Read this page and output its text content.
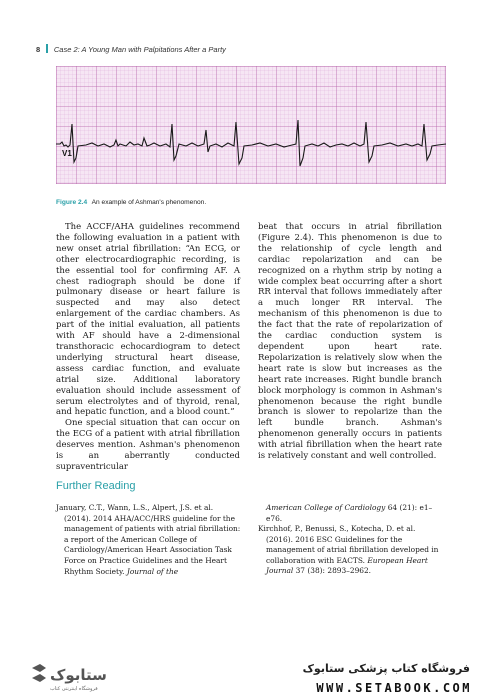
8 Case 2: A Young Man with Palpitations After a Party
V1
Figure 2.4 An example of Ashman's phenomenon.

The ACCF/AHA guidelines recommend the following evaluation in a patient with new onset atrial fibrillation: “An ECG, or other electrocardiographic recording, is the essential tool for confirming AF. A chest radiograph should be done if pulmonary disease or heart failure is suspected and may also detect enlargement of the cardiac chambers. As part of the initial evaluation, all patients with AF should have a 2-dimensional transthoracic echocardiogram to detect underlying structural heart disease, assess cardiac function, and evaluate atrial size. Additional laboratory evaluation should include assessment of serum electrolytes and of thyroid, renal, and hepatic function, and a blood count.”

One special situation that can occur on the ECG of a patient with atrial fibrillation deserves mention. Ashman's phenomenon is an aberrantly conducted supraventricular

beat that occurs in atrial fibrillation (Figure 2.4). This phenomenon is due to the relationship of cycle length and cardiac repolarization and can be recognized on a rhythm strip by noting a wide complex beat occurring after a short RR interval that follows immediately after a much longer RR interval. The mechanism of this phenomenon is due to the fact that the rate of repolarization of the cardiac conduction system is dependent upon heart rate. Repolarization is relatively slow when the heart rate is slow but increases as the heart rate increases. Right bundle branch block morphology is common in Ashman's phenomenon because the right bundle branch is slower to repolarize than the left bundle branch. Ashman's phenomenon generally occurs in patients with atrial fibrillation when the heart rate is relatively constant and well controlled.

Further Reading
January, C.T., Wann, L.S., Alpert, J.S. et al.
(2014). 2014 AHA/ACC/HRS guideline for the management of patients with atrial fibrillation: a report of the American College of Cardiology/American Heart Association Task Force on Practice Guidelines and the Heart Rhythm Society. Journal of the
American College of Cardiology 64 (21): e1–e76.
Kirchhof, P., Benussi, S., Kotecha, D. et al.
(2016). 2016 ESC Guidelines for the management of atrial fibrillation developed in collaboration with EACTS. European Heart Journal 37 (38): 2893–2962.
ستابوک
فروشگاه اینترنتی کتاب
فروشگاه کتاب پزشکی ستابوک
WWW.SETABOOK.COM
